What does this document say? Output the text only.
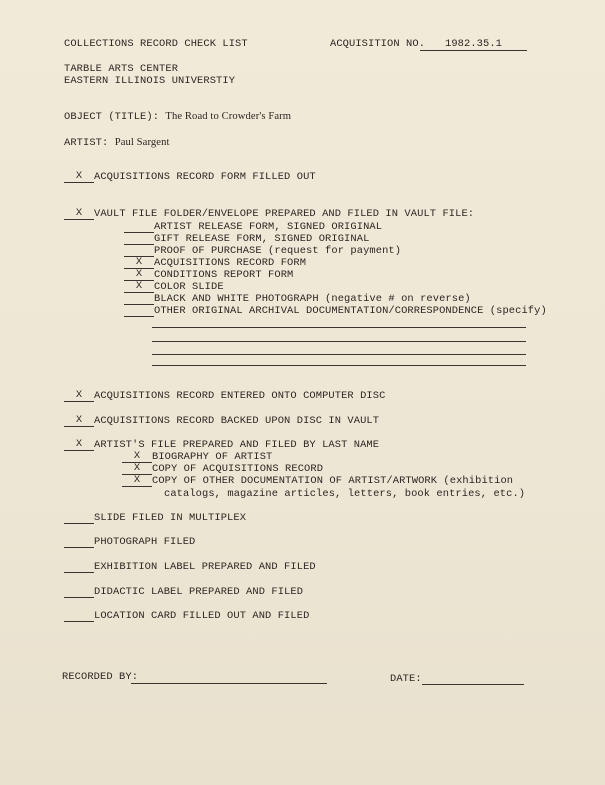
COLLECTIONS RECORD CHECK LIST	ACQUISITION NO.	1982.35.1
TARBLE ARTS CENTER
EASTERN ILLINOIS UNIVERSTIY
OBJECT (TITLE): The Road to Crowder's Farm
ARTIST: Paul Sargent
X ACQUISITIONS RECORD FORM FILLED OUT
X VAULT FILE FOLDER/ENVELOPE PREPARED AND FILED IN VAULT FILE:
ARTIST RELEASE FORM, SIGNED ORIGINAL
GIFT RELEASE FORM, SIGNED ORIGINAL
PROOF OF PURCHASE (request for payment)
X ACQUISITIONS RECORD FORM
X CONDITIONS REPORT FORM
X COLOR SLIDE
BLACK AND WHITE PHOTOGRAPH (negative # on reverse)
OTHER ORIGINAL ARCHIVAL DOCUMENTATION/CORRESPONDENCE (specify)
X ACQUISITIONS RECORD ENTERED ONTO COMPUTER DISC
X ACQUISITIONS RECORD BACKED UPON DISC IN VAULT
X ARTIST'S FILE PREPARED AND FILED BY LAST NAME
X BIOGRAPHY OF ARTIST
X COPY OF ACQUISITIONS RECORD
X COPY OF OTHER DOCUMENTATION OF ARTIST/ARTWORK (exhibition
catalogs, magazine articles, letters, book entries, etc.)
SLIDE FILED IN MULTIPLEX
PHOTOGRAPH FILED
EXHIBITION LABEL PREPARED AND FILED
DIDACTIC LABEL PREPARED AND FILED
LOCATION CARD FILLED OUT AND FILED
RECORDED BY:	DATE:
